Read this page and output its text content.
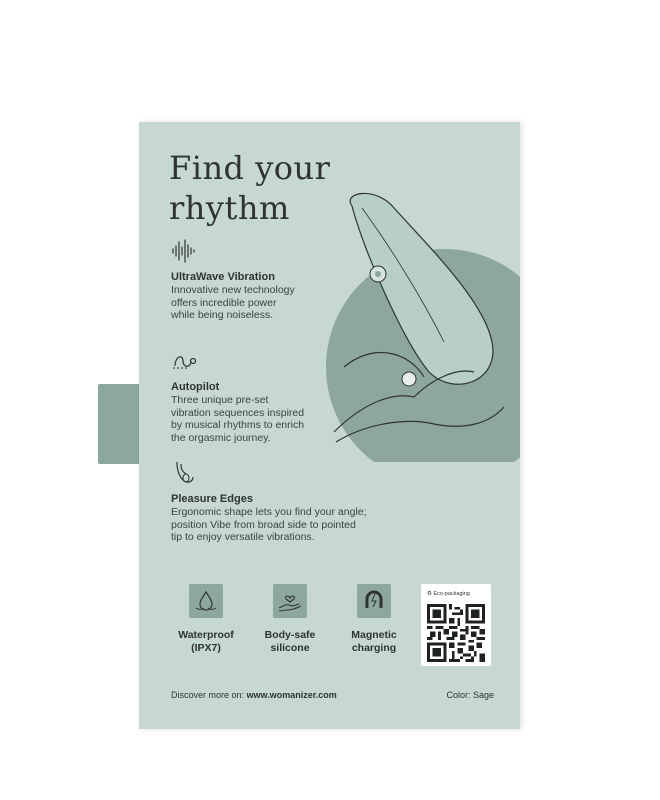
Find your rhythm
UltraWave Vibration

Innovative new technology
offers incredible power
while being noiseless.

Autopilot

Three unique pre-set
vibration sequences inspired
by musical rhythms to enrich
the orgasmic journey.

Pleasure Edges

Ergonomic shape lets you find your angle;
position Vibe from broad side to pointed
tip to enjoy versatile vibrations.

Waterproof
(IPX7)
Body-safe
silicone
Magnetic
charging
♻ Eco-packaging
Discover more on: www.womanizer.com	Color: Sage
